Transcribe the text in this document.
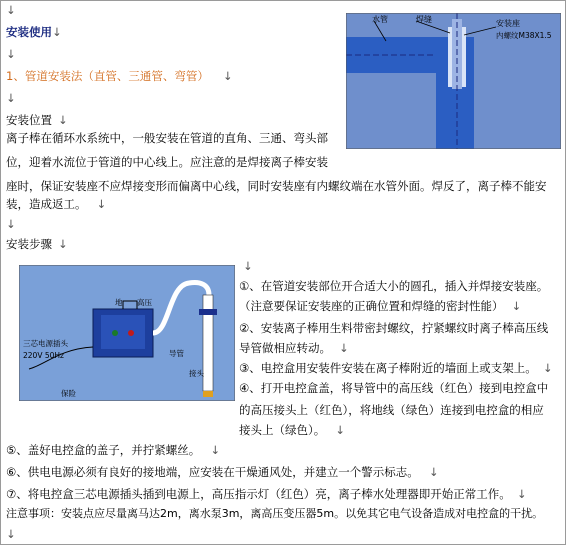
↓
安装使用↓
↓
1、管道安装法（直管、三通管、弯管） ↓
↓
水管	焊缝	安装座
内螺纹M38X1.5
安装位置 ↓
离子棒在循环水系统中，一般安装在管道的直角、三通、弯头部
位，迎着水流位于管道的中心线上。应注意的是焊接离子棒安装
座时，保证安装座不应焊接变形而偏离中心线，同时安装座有内螺纹端在水管外面。焊反了，离子棒不能安
装，造成返工。 ↓
↓
安装步骤 ↓
地 高压
三芯电源插头
220V 50Hz	导管
接头
保险
↓
①、在管道安装部位开合适大小的圆孔，插入并焊接安装座。
（注意要保证安装座的正确位置和焊缝的密封性能） ↓
②、安装离子棒用生料带密封螺纹，拧紧螺纹时离子棒高压线
导管做相应转动。 ↓
③、电控盒用安装件安装在离子棒附近的墙面上或支架上。 ↓
④、打开电控盒盖，将导管中的高压线（红色）接到电控盒中
的高压接头上（红色），将地线（绿色）连接到电控盒的相应
接头上（绿色）。 ↓
⑤、盖好电控盒的盖子，并拧紧螺丝。 ↓
⑥、供电电源必须有良好的接地端，应安装在干燥通风处，并建立一个警示标志。 ↓
⑦、将电控盒三芯电源插头插到电源上，高压指示灯（红色）亮，离子棒水处理器即开始正常工作。 ↓
注意事项：安装点应尽量离马达2m，离水泵3m，离高压变压器5m。以免其它电气设备造成对电控盒的干扰。
↓
